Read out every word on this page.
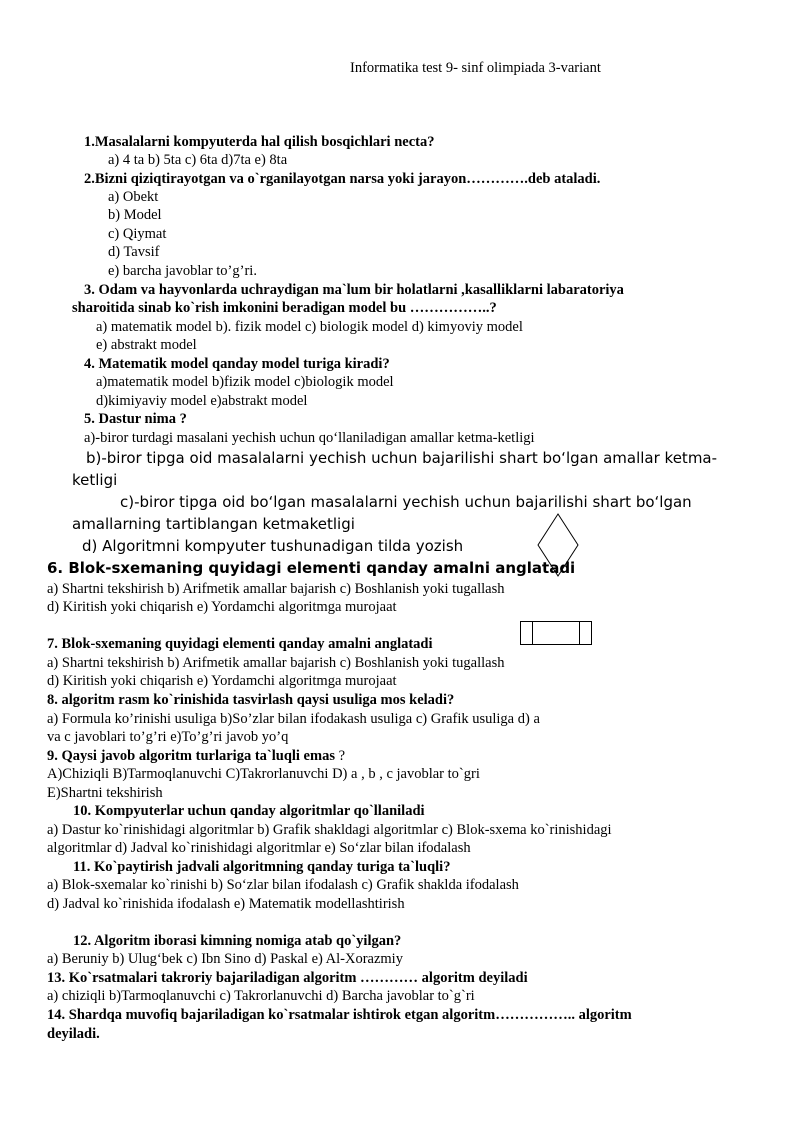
Informatika test 9- sinf olimpiada 3-variant
1.Masalalarni kompyuterda hal qilish bosqichlari necta?
a) 4 ta b) 5ta c) 6ta d)7ta e) 8ta
2.Bizni qiziqtirayotgan va o`rganilayotgan narsa yoki jarayon………….deb ataladi.
a) Obekt
b) Model
c) Qiymat
d) Tavsif
e) barcha javoblar to’g’ri.
3. Odam va hayvonlarda uchraydigan ma`lum bir holatlarni ,kasalliklarni labaratoriya
sharoitida sinab ko`rish imkonini beradigan model bu ……………..?
a) matematik model b). fizik model c) biologik model d) kimyoviy model
e) abstrakt model
4. Matematik model qanday model turiga kiradi?
a)matematik model b)fizik model c)biologik model
d)kimiyaviy model e)abstrakt model
5. Dastur nima ?
a)-biror turdagi masalani yechish uchun qo‘llaniladigan amallar ketma-ketligi
b)-biror tipga oid masalalarni yechish uchun bajarilishi shart bo‘lgan amallar ketma-
ketligi
c)-biror tipga oid bo‘lgan masalalarni yechish uchun bajarilishi shart bo‘lgan
amallarning tartiblangan ketmaketligi
d) Algoritmni kompyuter tushunadigan tilda yozish
6. Blok-sxemaning quyidagi elementi qanday amalni anglatadi
a) Shartni tekshirish b) Arifmetik amallar bajarish c) Boshlanish yoki tugallash
d) Kiritish yoki chiqarish e) Yordamchi algoritmga murojaat
7. Blok-sxemaning quyidagi elementi qanday amalni anglatadi
a) Shartni tekshirish b) Arifmetik amallar bajarish c) Boshlanish yoki tugallash
d) Kiritish yoki chiqarish e) Yordamchi algoritmga murojaat
8. algoritm rasm ko`rinishida tasvirlash qaysi usuliga mos keladi?
a) Formula ko’rinishi usuliga b)So’zlar bilan ifodakash usuliga c) Grafik usuliga d) a
va c javoblari to’g’ri e)To’g’ri javob yo’q
9. Qaysi javob algoritm turlariga ta`luqli emas ?
A)Chiziqli B)Tarmoqlanuvchi C)Takrorlanuvchi D) a , b , c javoblar to`gri
E)Shartni tekshirish
10. Kompyuterlar uchun qanday algoritmlar qo`llaniladi
a) Dastur ko`rinishidagi algoritmlar b) Grafik shakldagi algoritmlar c) Blok-sxema ko`rinishidagi
algoritmlar d) Jadval ko`rinishidagi algoritmlar e) So‘zlar bilan ifodalash
11. Ko`paytirish jadvali algoritmning qanday turiga ta`luqli?
a) Blok-sxemalar ko`rinishi b) So‘zlar bilan ifodalash c) Grafik shaklda ifodalash
d) Jadval ko`rinishida ifodalash e) Matematik modellashtirish
12. Algoritm iborasi kimning nomiga atab qo`yilgan?
a) Beruniy b) Ulug‘bek c) Ibn Sino d) Paskal e) Al-Xorazmiy
13. Ko`rsatmalari takroriy bajariladigan algoritm ………… algoritm deyiladi
a) chiziqli b)Tarmoqlanuvchi c) Takrorlanuvchi d) Barcha javoblar to`g`ri
14. Shardqa muvofiq bajariladigan ko`rsatmalar ishtirok etgan algoritm…………….. algoritm
deyiladi.
